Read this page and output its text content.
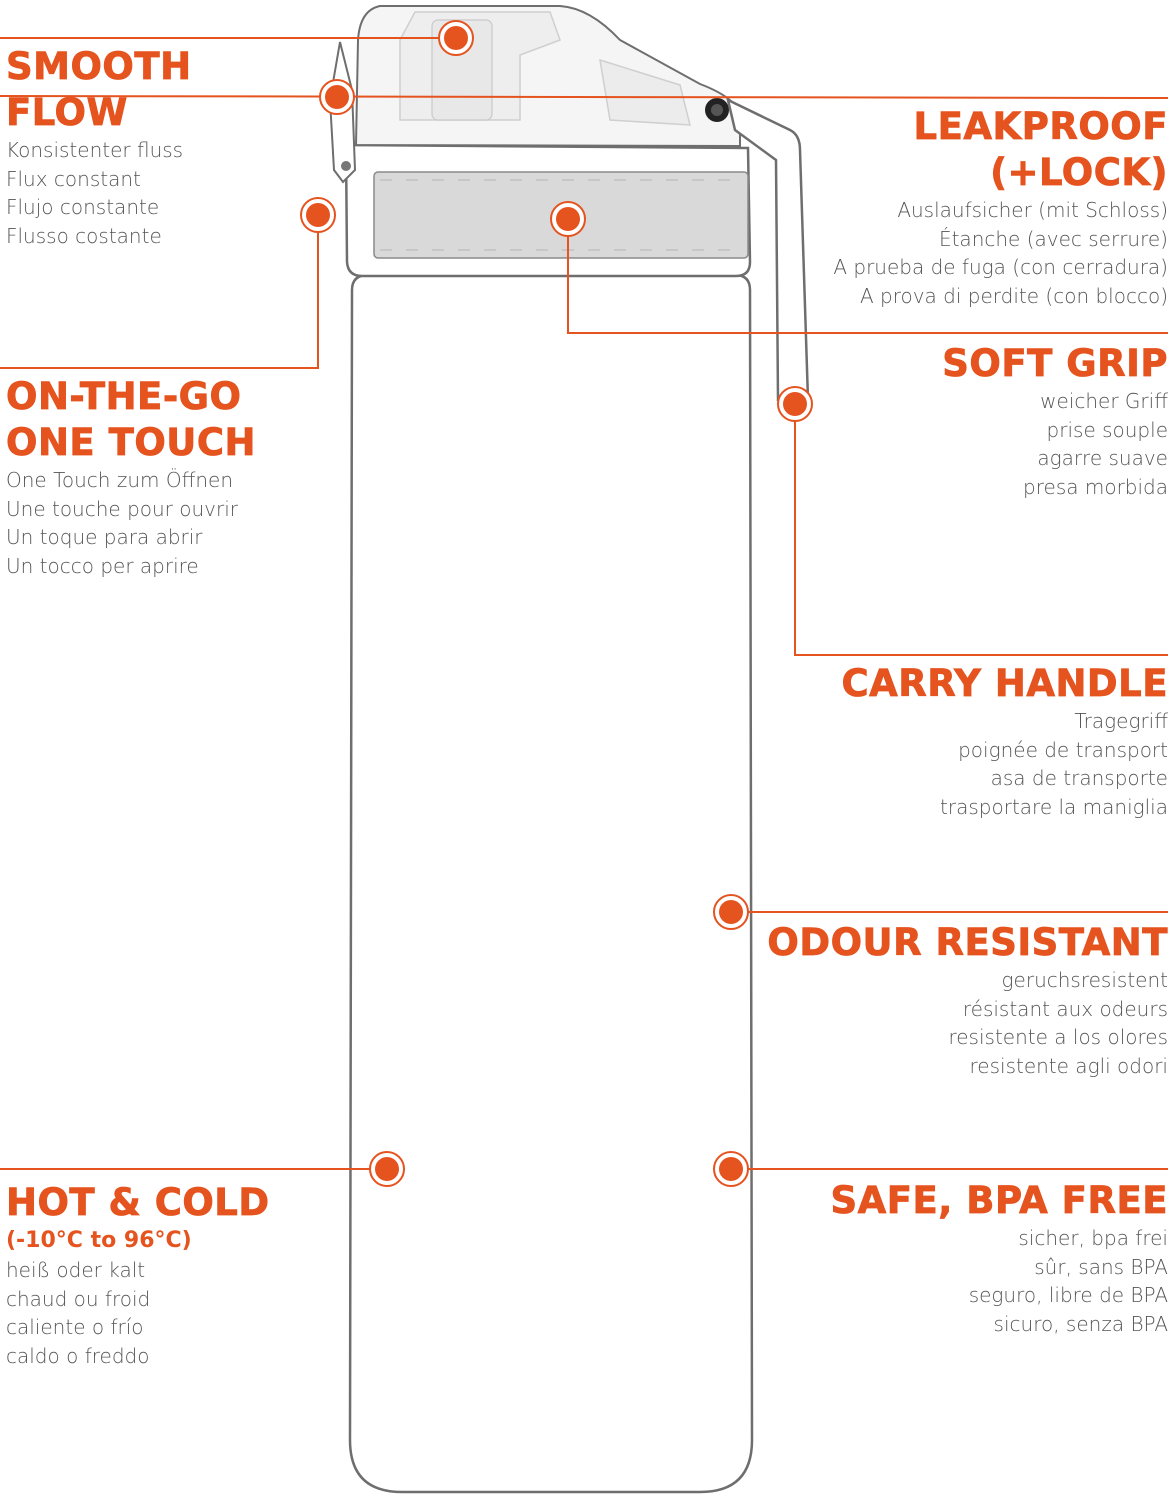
SMOOTH
FLOW
Konsistenter fluss
Flux constant
Flujo constante
Flusso costante
ON-THE-GO
ONE TOUCH
One Touch zum Öffnen
Une touche pour ouvrir
Un toque para abrir
Un tocco per aprire
HOT & COLD
(-10°C to 96°C)
heiß oder kalt
chaud ou froid
caliente o frío
caldo o freddo
LEAKPROOF
(+LOCK)
Auslaufsicher (mit Schloss)
Étanche (avec serrure)
A prueba de fuga (con cerradura)
A prova di perdite (con blocco)
SOFT GRIP
weicher Griff
prise souple
agarre suave
presa morbida
CARRY HANDLE
Tragegriff
poignée de transport
asa de transporte
trasportare la maniglia
ODOUR RESISTANT
geruchsresistent
résistant aux odeurs
resistente a los olores
resistente agli odori
SAFE, BPA FREE
sicher, bpa frei
sûr, sans BPA
seguro, libre de BPA
sicuro, senza BPA
